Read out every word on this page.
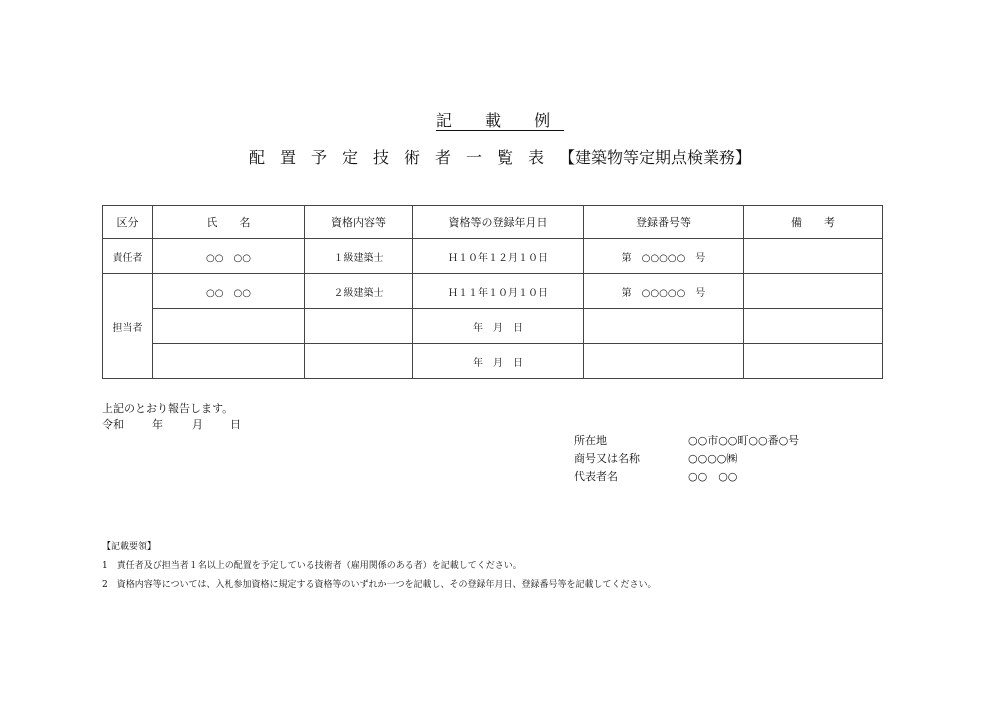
記 載 例
配置予定技術者一覧表【建築物等定期点検業務】
区分	氏　　名	資格内容等	資格等の登録年月日	登録番号等	備　　考
責任者	○○　○○	１級建築士	Ｈ１０年１２月１０日	第　○○○○○　号	
担当者	○○　○○	２級建築士	Ｈ１１年１０月１０日	第　○○○○○　号	
			年　月　日		
			年　月　日		
上記のとおり報告します。
令和	年	月 日
所在地	○○市○○町○○番○号
商号又は名称	○○○○㈱
代表者名	○○　○○
【記載要領】
1　責任者及び担当者１名以上の配置を予定している技術者（雇用関係のある者）を記載してください。
2　資格内容等については、入札参加資格に規定する資格等のいずれか一つを記載し、その登録年月日、登録番号等を記載してください。
